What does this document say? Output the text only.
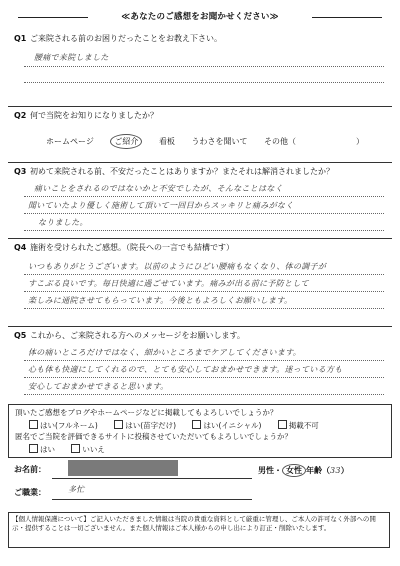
≪あなたのご感想をお聞かせください≫
Q1 ご来院される前のお困りだったことをお教え下さい。
腰痛で来院しました
Q2 何で当院をお知りになりましたか？
ホームページ	ご紹介	看板 うわさを聞いて その他（	）
Q3 初めて来院される前、不安だったことはありますか？またそれは解消されましたか？
痛いことをされるのではないかと不安でしたが、そんなことはなく
聞いていたより優しく施術して頂いて一回目からスッキリと痛みがなく
なりました。
Q4 施術を受けられたご感想。（院長への一言でも結構です）
いつもありがとうございます。以前のようにひどい腰痛もなくなり、体の調子が
すこぶる良いです。毎日快適に過ごせています。痛みが出る前に予防として
楽しみに通院させてもらっています。今後ともよろしくお願いします。
Q5 これから、ご来院される方へのメッセージをお願いします。
体の痛いところだけではなく、細かいところまでケアしてくださいます。
心も体も快適にしてくれるので、とても安心しておまかせできます。迷っている方も
安心しておまかせできると思います。
頂いたご感想をブログやホームページなどに掲載してもよろしいでしょうか？
はい(フルネーム)	はい(苗字だけ)	はい(イニシャル)	掲載不可
匿名でご当院を評価できるサイトに投稿させていただいてもよろしいでしょうか？
はい	いいえ
お名前：	男性・ 女性 年齢（33）
ご職業：	多忙
【個人情報保護について】ご記入いただきました情報は当院の貴重な資料として厳重に管理し、ご本人の許可なく外部への開示・提供することは一切ございません。また個人情報はご本人様からの申し出により訂正・削除いたします。
